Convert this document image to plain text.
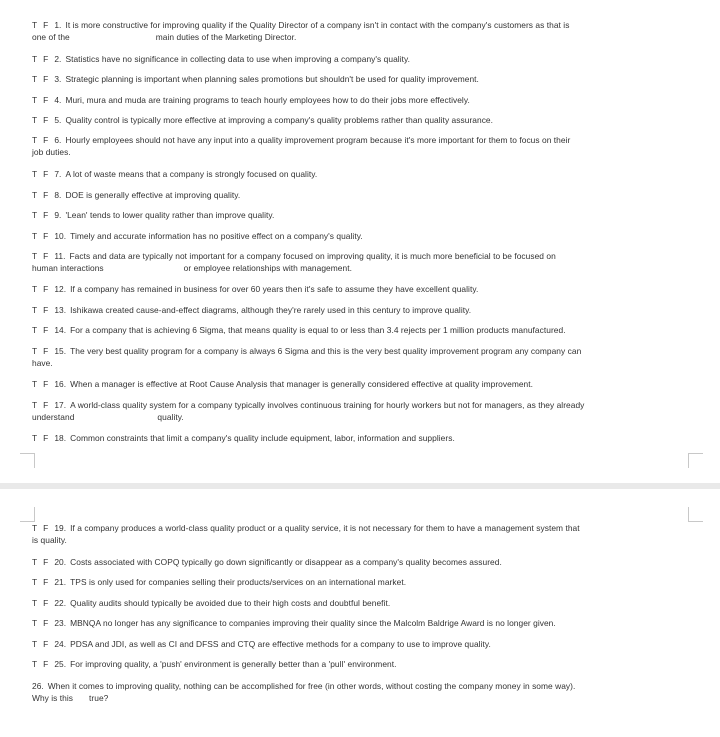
T F 1. It is more constructive for improving quality if the Quality Director of a company isn't in contact with the company's customers as that is
one of the	main duties of the Marketing Director.
T F 2. Statistics have no significance in collecting data to use when improving a company's quality.
T F 3. Strategic planning is important when planning sales promotions but shouldn't be used for quality improvement.
T F 4. Muri, mura and muda are training programs to teach hourly employees how to do their jobs more effectively.
T F 5. Quality control is typically more effective at improving a company's quality problems rather than quality assurance.
T F 6. Hourly employees should not have any input into a quality improvement program because it's more important for them to focus on their
job duties.
T F 7. A lot of waste means that a company is strongly focused on quality.
T F 8. DOE is generally effective at improving quality.
T F 9. 'Lean' tends to lower quality rather than improve quality.
T F 10. Timely and accurate information has no positive effect on a company's quality.
T F 11. Facts and data are typically not important for a company focused on improving quality, it is much more beneficial to be focused on
human interactions	or employee relationships with management.
T F 12. If a company has remained in business for over 60 years then it's safe to assume they have excellent quality.
T F 13. Ishikawa created cause-and-effect diagrams, although they're rarely used in this century to improve quality.
T F 14. For a company that is achieving 6 Sigma, that means quality is equal to or less than 3.4 rejects per 1 million products manufactured.
T F 15. The very best quality program for a company is always 6 Sigma and this is the very best quality improvement program any company can
have.
T F 16. When a manager is effective at Root Cause Analysis that manager is generally considered effective at quality improvement.
T F 17. A world-class quality system for a company typically involves continuous training for hourly workers but not for managers, as they already
understand	quality.
T F 18. Common constraints that limit a company's quality include equipment, labor, information and suppliers.
T F 19. If a company produces a world-class quality product or a quality service, it is not necessary for them to have a management system that
is quality.
T F 20. Costs associated with COPQ typically go down significantly or disappear as a company's quality becomes assured.
T F 21. TPS is only used for companies selling their products/services on an international market.
T F 22. Quality audits should typically be avoided due to their high costs and doubtful benefit.
T F 23. MBNQA no longer has any significance to companies improving their quality since the Malcolm Baldrige Award is no longer given.
T F 24. PDSA and JDI, as well as CI and DFSS and CTQ are effective methods for a company to use to improve quality.
T F 25. For improving quality, a 'push' environment is generally better than a 'pull' environment.
26. When it comes to improving quality, nothing can be accomplished for free (in other words, without costing the company money in some way).
Why is this true?
